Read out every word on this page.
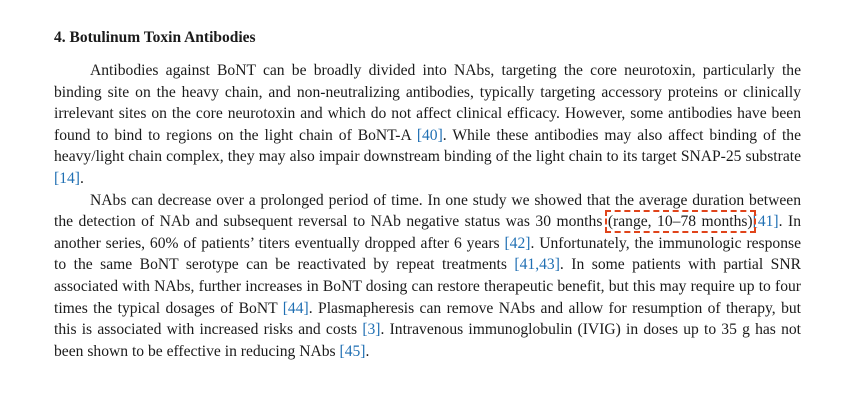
4. Botulinum Toxin Antibodies

Antibodies against BoNT can be broadly divided into NAbs, targeting the core neurotoxin, particularly the binding site on the heavy chain, and non-neutralizing antibodies, typically targeting accessory proteins or clinically irrelevant sites on the core neurotoxin and which do not affect clinical efficacy. However, some antibodies have been found to bind to regions on the light chain of BoNT-A [40]. While these antibodies may also affect binding of the heavy/light chain complex, they may also impair downstream binding of the light chain to its target SNAP-25 substrate [14].

NAbs can decrease over a prolonged period of time. In one study we showed that the average duration between the detection of NAb and subsequent reversal to NAb negative status was 30 months (range, 10–78 months)[41]. In another series, 60% of patients’ titers eventually dropped after 6 years [42]. Unfortunately, the immunologic response to the same BoNT serotype can be reactivated by repeat treatments [41,43]. In some patients with partial SNR associated with NAbs, further increases in BoNT dosing can restore therapeutic benefit, but this may require up to four times the typical dosages of BoNT [44]. Plasmapheresis can remove NAbs and allow for resumption of therapy, but this is associated with increased risks and costs [3]. Intravenous immunoglobulin (IVIG) in doses up to 35 g has not been shown to be effective in reducing NAbs [45].
